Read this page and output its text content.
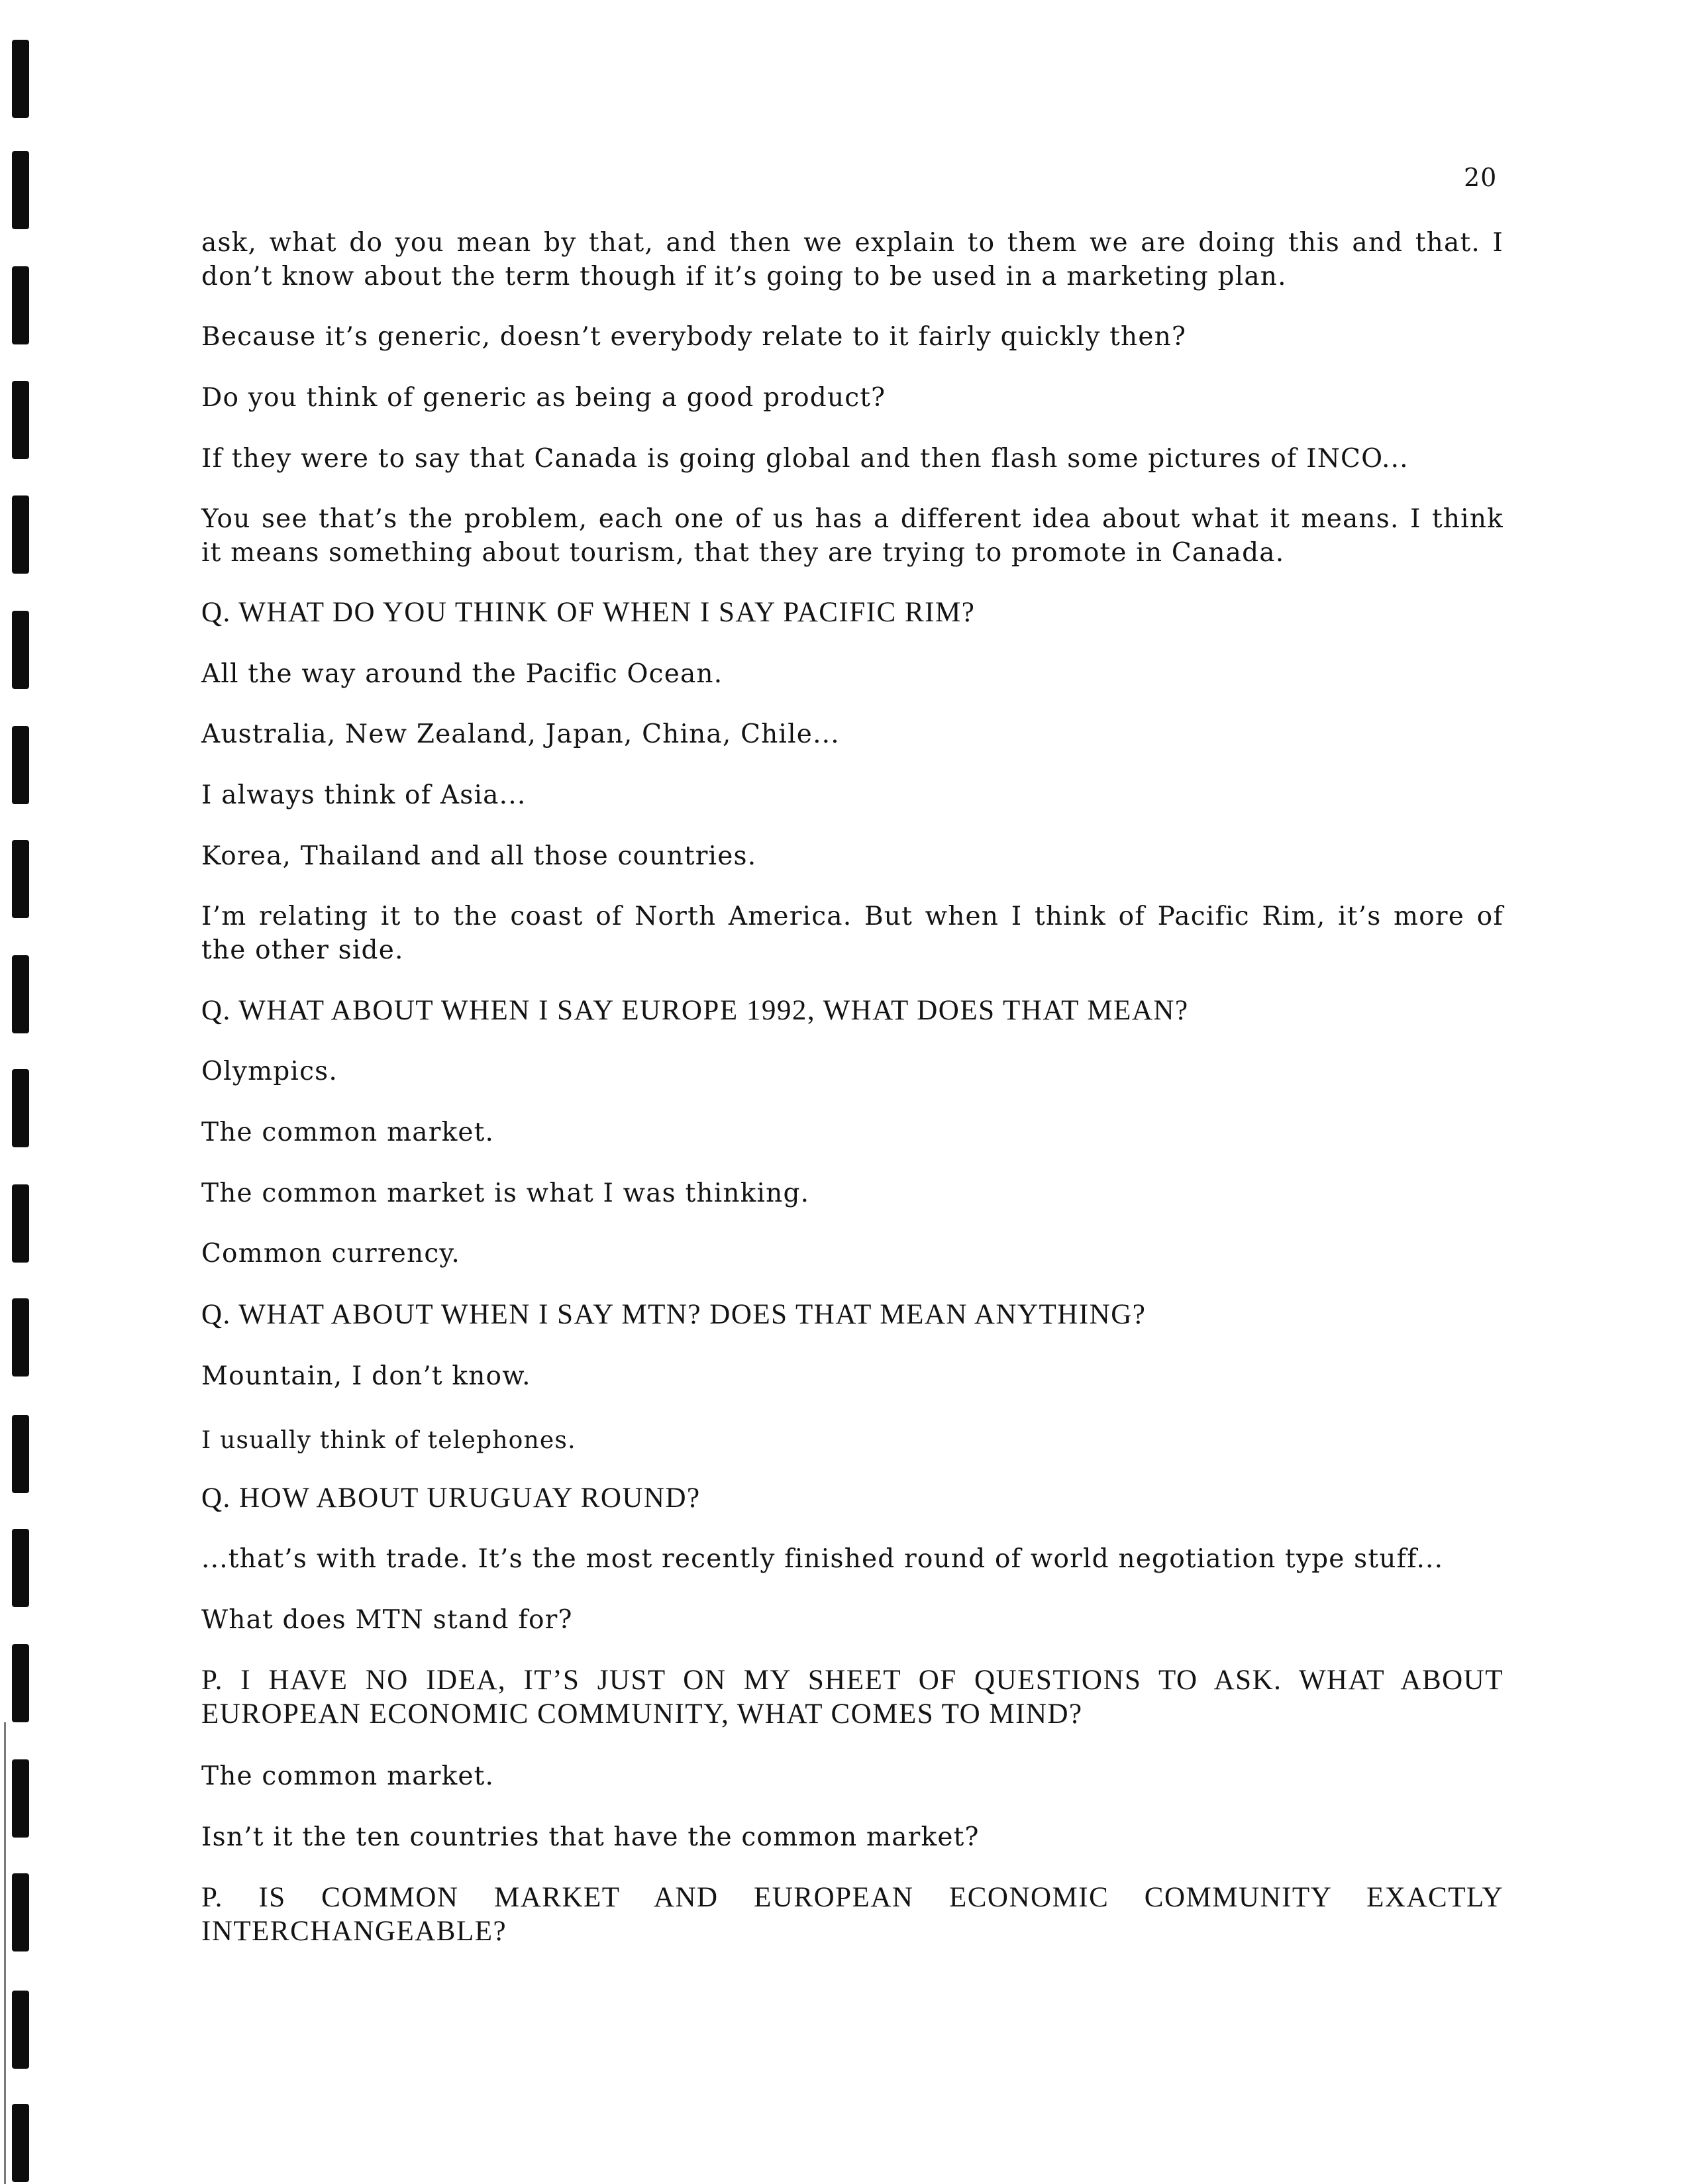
20
ask, what do you mean by that, and then we explain to them we are doing this and that. I
don’t know about the term though if it’s going to be used in a marketing plan.
Because it’s generic, doesn’t everybody relate to it fairly quickly then?
Do you think of generic as being a good product?
If they were to say that Canada is going global and then flash some pictures of INCO...
You see that’s the problem, each one of us has a different idea about what it means. I think
it means something about tourism, that they are trying to promote in Canada.
Q. WHAT DO YOU THINK OF WHEN I SAY PACIFIC RIM?
All the way around the Pacific Ocean.
Australia, New Zealand, Japan, China, Chile...
I always think of Asia...
Korea, Thailand and all those countries.
I’m relating it to the coast of North America. But when I think of Pacific Rim, it’s more of
the other side.
Q. WHAT ABOUT WHEN I SAY EUROPE 1992, WHAT DOES THAT MEAN?
Olympics.
The common market.
The common market is what I was thinking.
Common currency.
Q. WHAT ABOUT WHEN I SAY MTN? DOES THAT MEAN ANYTHING?
Mountain, I don’t know.
I usually think of telephones.
Q. HOW ABOUT URUGUAY ROUND?
...that’s with trade. It’s the most recently finished round of world negotiation type stuff...
What does MTN stand for?
P. I HAVE NO IDEA, IT’S JUST ON MY SHEET OF QUESTIONS TO ASK. WHAT ABOUT
EUROPEAN ECONOMIC COMMUNITY, WHAT COMES TO MIND?
The common market.
Isn’t it the ten countries that have the common market?
P. IS COMMON MARKET AND EUROPEAN ECONOMIC COMMUNITY EXACTLY
INTERCHANGEABLE?
